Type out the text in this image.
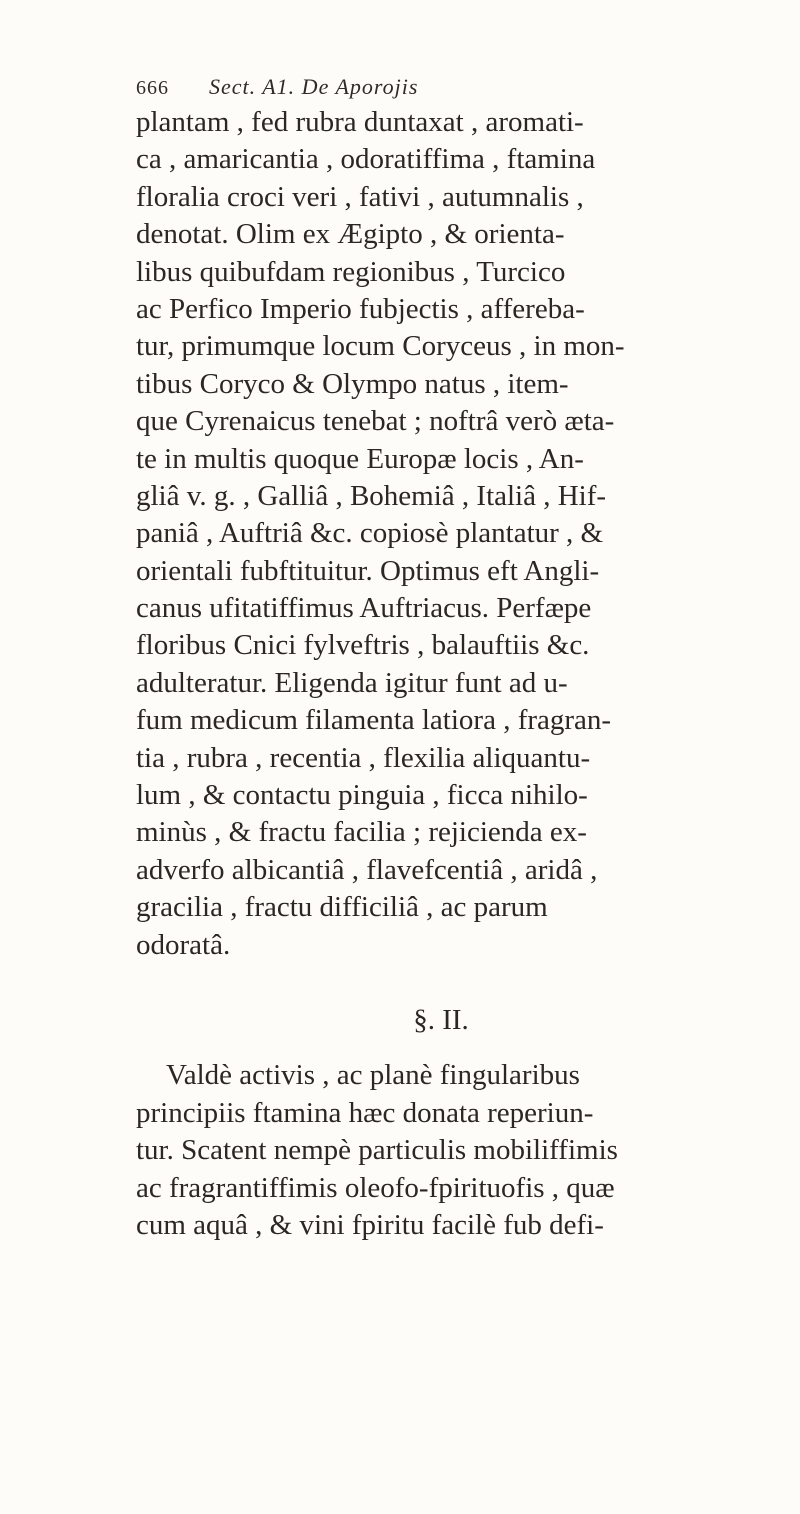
666 Sect. A1. De Aporojis
plantam , fed rubra duntaxat , aromati-
ca , amaricantia , odoratiffima , ftamina
floralia croci veri , fativi , autumnalis ,
denotat. Olim ex Ægipto , & orienta-
libus quibufdam regionibus , Turcico
ac Perfico Imperio fubjectis , affereba-
tur, primumque locum Coryceus , in mon-
tibus Coryco & Olympo natus , item-
que Cyrenaicus tenebat ; noftrâ verò æta-
te in multis quoque Europæ locis , An-
gliâ v. g. , Galliâ , Bohemiâ , Italiâ , Hif-
paniâ , Auftriâ &c. copiosè plantatur , &
orientali fubftituitur. Optimus eft Angli-
canus ufitatiffimus Auftriacus. Perfæpe
floribus Cnici fylveftris , balauftiis &c.
adulteratur. Eligenda igitur funt ad u-
fum medicum filamenta latiora , fragran-
tia , rubra , recentia , flexilia aliquantu-
lum , & contactu pinguia , ficca nihilo-
minùs , & fractu facilia ; rejicienda ex-
adverfo albicantiâ , flavefcentiâ , aridâ ,
gracilia , fractu difficiliâ , ac parum
odoratâ.
§. II.
Valdè activis , ac planè fingularibus
principiis ftamina hæc donata reperiun-
tur. Scatent nempè particulis mobiliffimis
ac fragrantiffimis oleofo-fpirituofis , quæ
cum aquâ , & vini fpiritu facilè fub defi-
